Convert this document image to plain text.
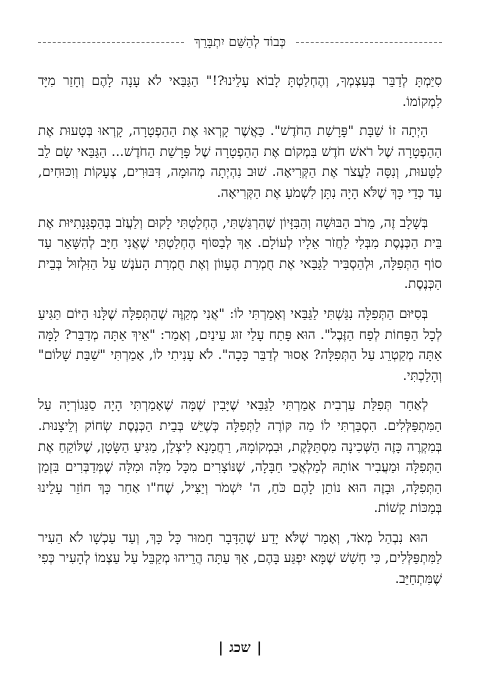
כְּבוֹד לְהַשֵּׁם יִתְבָּרֵךְ

סִיַּמְתָּ לְדַבֵּר בְּעַצְמְךָ, וְהֶחְלַטְתָּ לָבוֹא עָלֵינוּ?!" הַגַּבַּאי לֹא עָנָה לָהֶם וְחָזַר מִיָּד לִמְקוֹמוֹ.

הָיְתָה זוֹ שַׁבָּת "פָּרָשַׁת הַחֹדֶשׁ". כַּאֲשֶׁר קָרְאוּ אֶת הַהַפְטָרָה, קָרְאוּ בְּטָעוּת אֶת הַהַפְטָרָה שֶׁל רֹאשׁ חֹדֶשׁ בִּמְקוֹם אֶת הַהַפְטָרָה שֶׁל פָּרָשַׁת הַחֹדֶשׁ... הַגַּבַּאי שָׂם לֵב לַטָּעוּת, וְנִסָּה לַעֲצֹר אֶת הַקְּרִיאָה. שׁוּב נִהְיְתָה מְהוּמָה, דִּבּוּרִים, צְעָקוֹת וְוִכּוּחִים, עַד כְּדֵי כָּךְ שֶׁלֹּא הָיָה נִתָּן לִשְׁמֹעַ אֶת הַקְּרִיאָה.

בְּשָׁלָב זֶה, מֵרֹב הַבּוּשָׁה וְהַבִּזָּיוֹן שֶׁהִרְגַּשְׁתִּי, הֶחְלַטְתִּי לָקוּם וְלַעֲזֹב בְּהַפְגָּנָתִיּוּת אֶת בֵּית הַכְּנֶסֶת מִבְּלִי לַחֲזֹר אֵלָיו לְעוֹלָם. אַךְ לְבַסּוֹף הֶחְלַטְתִּי שֶׁאֲנִי חַיָּב לְהִשָּׁאֵר עַד סוֹף הַתְּפִלָּה, וּלְהַסְבִּיר לַגַּבַּאי אֶת חֻמְרַת הֶעָווֹן וְאֶת חֻמְרַת הָעֹנֶשׁ עַל הַזִּלְזוּל בְּבֵית הַכְּנֶסֶת.

בְּסִיּוּם הַתְּפִלָּה נִגַּשְׁתִּי לַגַּבַּאי וְאָמַרְתִּי לוֹ: "אֲנִי מְקַוֶּה שֶׁהַתְּפִלָּה שֶׁלָּנוּ הַיּוֹם תַּגִּיעַ לְכָל הַפָּחוֹת לְפַח הַזֶּבֶל". הוּא פָּתַח עָלַי זוּג עֵינַיִם, וְאָמַר: "אֵיךְ אַתָּה מְדַבֵּר? לָמָּה אַתָּה מְקַטְרֵג עַל הַתְּפִלָּה? אָסוּר לְדַבֵּר כָּכָה". לֹא עָנִיתִי לוֹ, אָמַרְתִּי "שַׁבַּת שָׁלוֹם" וְהָלַכְתִּי.

לְאַחַר תְּפִלַּת עַרְבִית אָמַרְתִּי לַגַּבַּאי שֶׁיָּבִין שֶׁמָּה שֶׁאָמַרְתִּי הָיָה סַנֵּגוֹרְיָה עַל הַמִּתְפַּלְּלִים. הִסְבַּרְתִּי לוֹ מַה קּוֹרֶה לַתְּפִלָּה כְּשֶׁיֵּשׁ בְּבֵית הַכְּנֶסֶת שְׂחוֹק וְלֵיצָנוּת. בְּמִקְרֶה כָּזֶה הַשְּׁכִינָה מִסְתַּלֶּקֶת, וּבִמְקוֹמָהּ, רַחֲמָנָא לִיצְלַן, מַגִּיעַ הַשָּׂטָן, שֶׁלּוֹקֵחַ אֶת הַתְּפִלָּה וּמַעֲבִיר אוֹתָהּ לְמַלְאֲכֵי חַבָּלָה, שֶׁנּוֹצָרִים מִכָּל מִלָּה וּמִלָּה שֶׁמְּדַבְּרִים בִּזְמַן הַתְּפִלָּה, וּבָזֶה הוּא נוֹתֵן לָהֶם כֹּחַ, ה' יִשְׁמֹר וְיַצִּיל, שֶׁח"ו אַחַר כָּךְ חוֹזֵר עָלֵינוּ בְּמַכּוֹת קָשׁוֹת.

הוּא נִבְהַל מְאֹד, וְאָמַר שֶׁלֹּא יָדַע שֶׁהַדָּבָר חָמוּר כָּל כָּךְ, וְעַד עַכְשָׁו לֹא הֵעִיר לַמִּתְפַּלְּלִים, כִּי חָשַׁשׁ שֶׁמָּא יִפְגַּע בָּהֶם, אַךְ עַתָּה הֲרֵיהוּ מְקַבֵּל עַל עַצְמוֹ לְהָעִיר כְּפִי שֶׁמִּתְחַיֵּב.

|שכג|
